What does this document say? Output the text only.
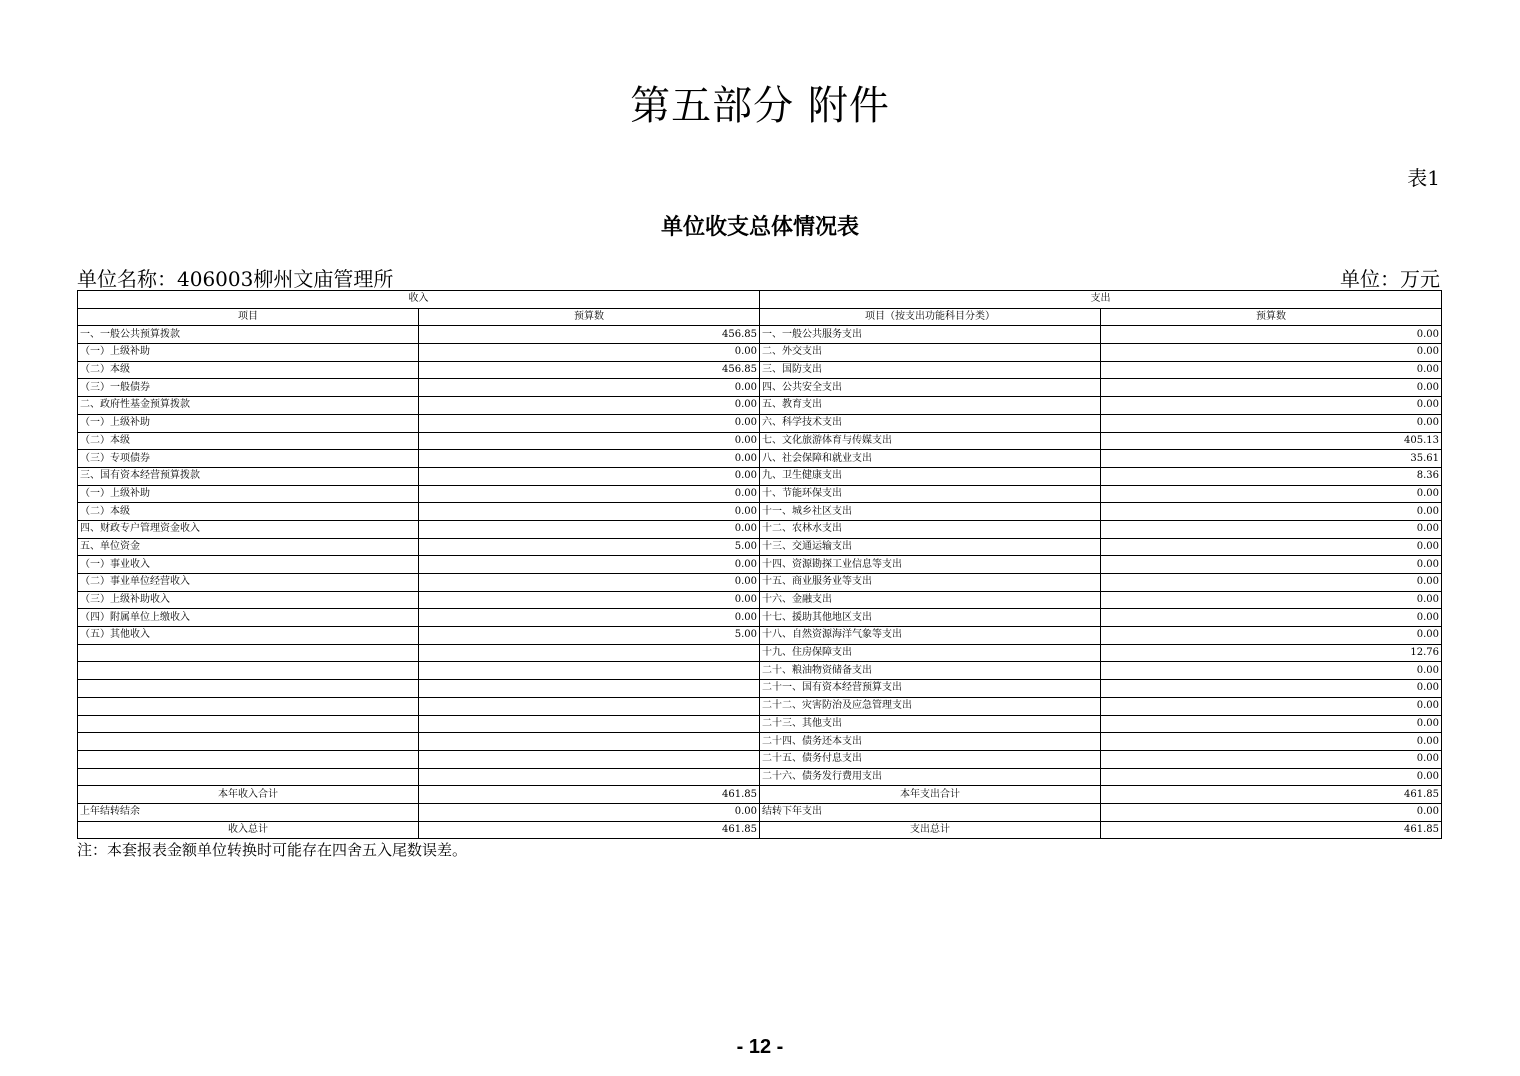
第五部分 附件
表1
单位收支总体情况表
单位名称：406003柳州文庙管理所	单位：万元
收入		支出	
项目	预算数	项目（按支出功能科目分类）	预算数
一、一般公共预算拨款	456.85	一、一般公共服务支出	0.00
（一）上级补助	0.00	二、外交支出	0.00
（二）本级	456.85	三、国防支出	0.00
（三）一般债券	0.00	四、公共安全支出	0.00
二、政府性基金预算拨款	0.00	五、教育支出	0.00
（一）上级补助	0.00	六、科学技术支出	0.00
（二）本级	0.00	七、文化旅游体育与传媒支出	405.13
（三）专项债券	0.00	八、社会保障和就业支出	35.61
三、国有资本经营预算拨款	0.00	九、卫生健康支出	8.36
（一）上级补助	0.00	十、节能环保支出	0.00
（二）本级	0.00	十一、城乡社区支出	0.00
四、财政专户管理资金收入	0.00	十二、农林水支出	0.00
五、单位资金	5.00	十三、交通运输支出	0.00
（一）事业收入	0.00	十四、资源勘探工业信息等支出	0.00
（二）事业单位经营收入	0.00	十五、商业服务业等支出	0.00
（三）上级补助收入	0.00	十六、金融支出	0.00
（四）附属单位上缴收入	0.00	十七、援助其他地区支出	0.00
（五）其他收入	5.00	十八、自然资源海洋气象等支出	0.00
		十九、住房保障支出	12.76
		二十、粮油物资储备支出	0.00
		二十一、国有资本经营预算支出	0.00
		二十二、灾害防治及应急管理支出	0.00
		二十三、其他支出	0.00
		二十四、债务还本支出	0.00
		二十五、债务付息支出	0.00
		二十六、债务发行费用支出	0.00
本年收入合计	461.85	本年支出合计	461.85
上年结转结余	0.00	结转下年支出	0.00
收入总计	461.85	支出总计	461.85
注：本套报表金额单位转换时可能存在四舍五入尾数误差。
- 12 -
